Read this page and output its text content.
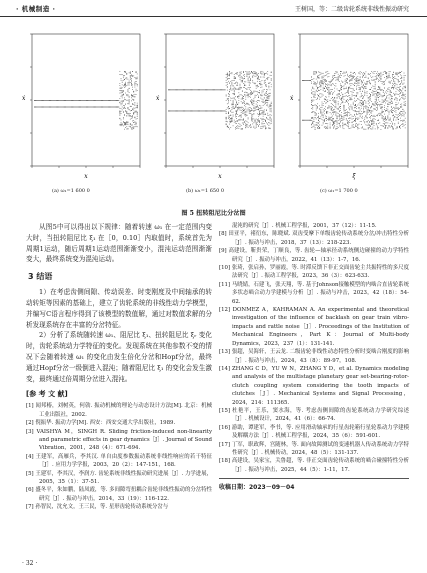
· 机械制造 ·	王树国，等：二级齿轮系统非线性振动研究
ẋ
x
(a) ω₁=1 600 0
ẋ
x
(b) ω₁=1 650 0
ẋ
ξ
(c) ω₁=1 700 0
图 5 扭转阻尼比分岔图

从图5中可以得出以下规律：随着转速 ω₁ 在一定范围内变大时，当扭转阻尼比 ξ₁ 在［0，0.10］内取值时，系统首先为周期1运动，随后周期1运动范围渐渐变小，混沌运动范围渐渐变大，最终系统变为混沌运动。

3 结语

1）在考虑齿侧间隙、传动误差、时变刚度及中间轴承的转动转矩等因素的基础上，建立了齿轮系统的非线性动力学模型，并编写C语言程序得到了该模型的数值解，通过对数值求解的分析发现系统存在丰富的分岔特征。

2）分析了系统随转速 ω₁、阻尼比 ξ₁、扭转阻尼比 ξᵣ 变化时，齿轮系统动力学特征的变化。发现系统在其他参数不变的情况下会随着转速 ω₁ 的变化由发生倍化分岔和Hopf分岔，最终通过Hopf分岔一级倒进入混沌；随着阻尼比 ξ₁ 的变化会发生激变，最终通过倍周期分岔进入混沌。

[参 考 文 献]

[1] 闻邦椿，刘树英，何勍. 振动机械的理论与动态设计方法[M]. 北京：机械工业出版社，2002.

[2] 倪振华. 振动力学[M]. 西安：西安交通大学出版社，1989.

[3] VAISHYA M，SINGH R. Sliding friction-induced non-linearity and parametric effects in gear dynamics［J］. Journal of Sound Vibration，2001，248（4）：671-694.

[4] 王建军，高雁兵，李其汉. 单自由度参数振动系统非线性响应的若干特征［J］. 应用力学学报，2003，20（2）：147-151，168.

[5] 王建军，李其汉，李润方. 齿轮系统非线性振动研究进展［J］. 力学进展，2005，35（1）：37-51.

[6] 盛冬平，朱如鹏，陆凤霞，等. 多间隙弯扭耦合齿轮非线性振动的分岔特性研究［J］. 振动与冲击，2014，33（19）：116-122.

[7] 孙智民，沈允文，王三民，等. 星形齿轮传动系统分岔与

混沌的研究［J］. 机械工程学报，2001，37（12）：11-15.

[8] 田亚平，褚衍东，陈晓斌. 双齿受摩下单级齿轮传动系统分岔/冲击特性分析［J］. 振动与冲击，2018，37（13）：218-223.

[9] 高建设，靳贵荣，丁顺良，等. 齿轮—轴承径动系统侧边碰撞的动力学特性研究［J］. 振动与冲击，2022，41（13）：1-7，16.

[10] 张琦，张启孙，罗丽霞，等. 时滞反馈下非正交面齿轮主共振特性的多尺度法研究［J］. 振动工程学报，2023，36（3）：623-633.

[11] 马晓婧，石建飞，张天翔，等. 基于Johnson接触模型的内啮合直齿轮系统多状态啮合动力学建模与分析［J］. 振动与冲击，2023，42（18）：54-62.

[12] DONMEZ A，KAHRAMAN A. An experimental and theoretical investigation of the influence of backlash on gear train vibro-impacts and rattle noise［J］. Proceedings of the Institution of Mechanical Engineers，Part K：Journal of Multi-body Dynamics，2023，237（1）：131-141.

[13] 張超，吴海轩，王云龙. 二级齿轮非线性动态特性分析时变啮合刚度的影响［J］. 振动与冲击，2024，43（8）：89-97，108.

[14] ZHANG C D，YU W N，ZHANG Y D，et al. Dynamics modeling and analysis of the multistage planetary gear set-bearing-rotor-clutch coupling system considering the tooth impacts of clutches［J］. Mechanical Systems and Signal Processing，2024，214：111365.

[15] 杜艳平，王乐，窦水海，等. 考虑齿侧间隙的齿轮系统动力学研究综述［J］. 机械设计，2024，41（6）：66-74.

[16] 游助，谭建军，李书，等. 应用滑动轴承的行星齿轮箱行星轮系动力学建模及解耦方法［J］. 机械工程学报，2024，35（6）：591-601.

[17] 丁军，职政辉，宫随林，等. 面向故障测试的变速机器人传动系统动力学特性研究［J］. 机械传动，2024，48（5）：131-137.

[18] 高建设，吴家宝，关鲁超，等. 非正交面齿轮传动系统的啮合碰撞特性分析［J］. 振动与冲击，2025，44（5）：1-11，17.

收稿日期：2023－09－04
· 32 ·
